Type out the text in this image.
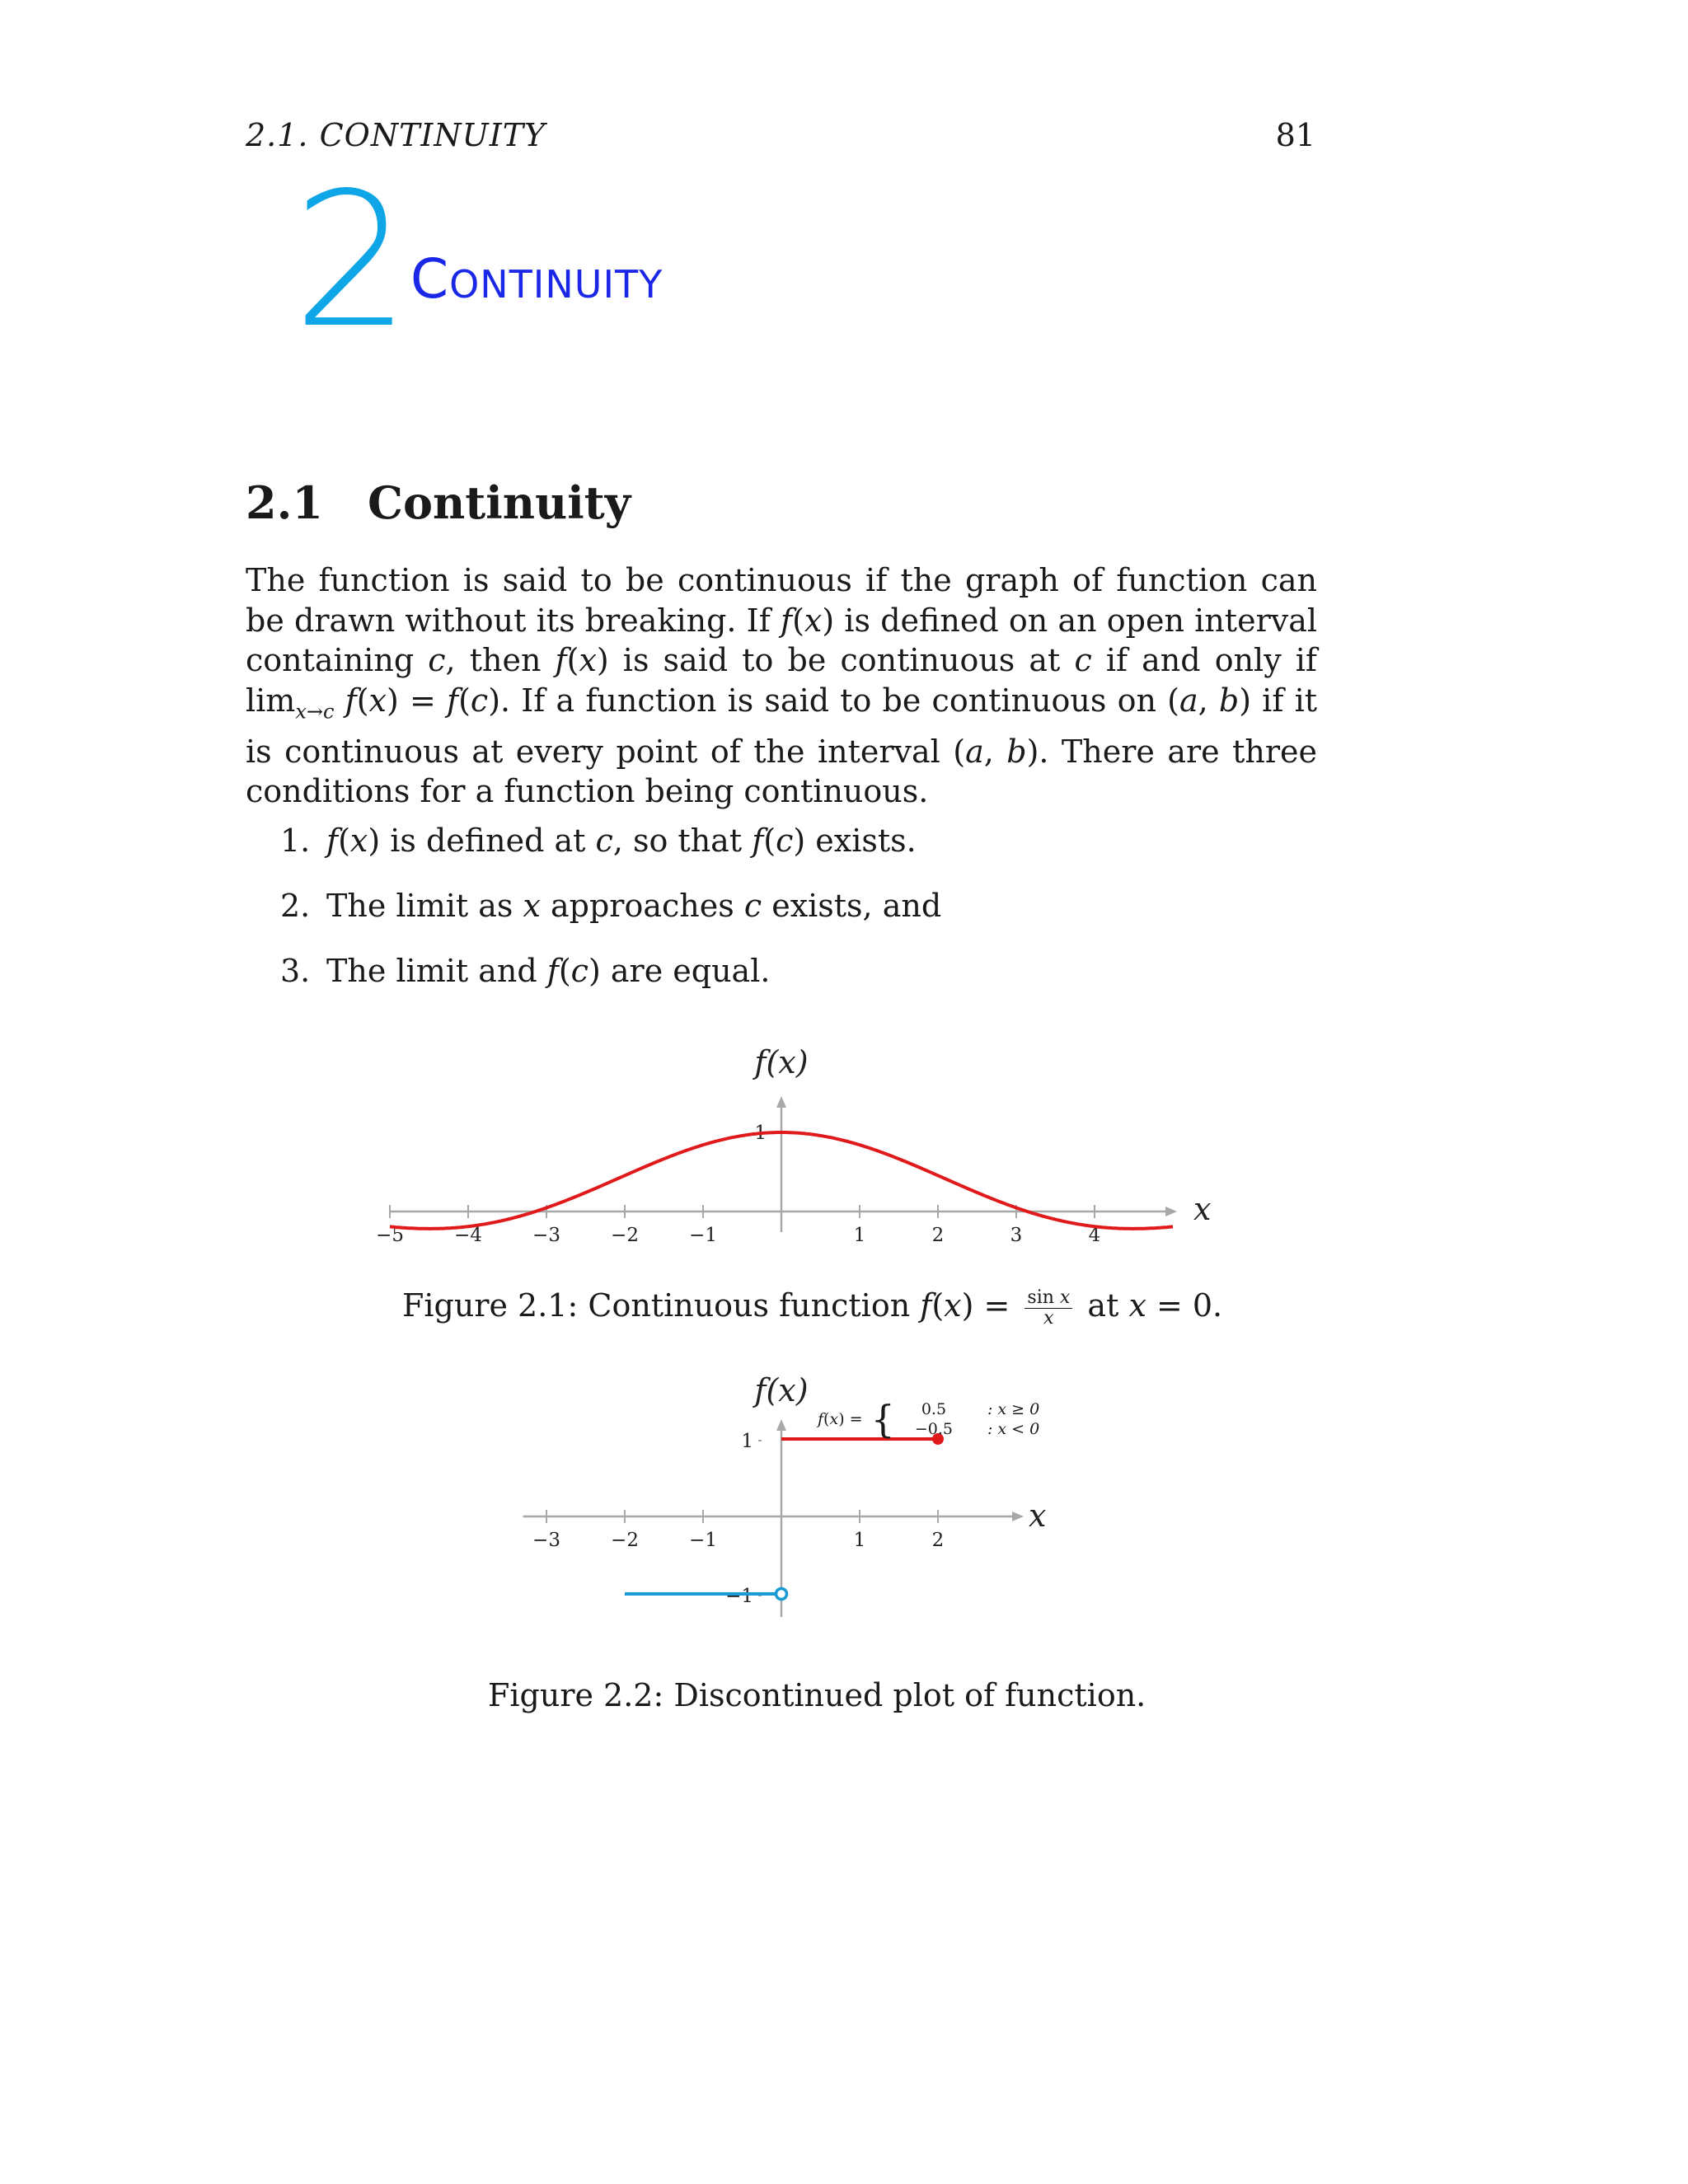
2.1. CONTINUITY	81
2 Continuity
2.1 Continuity
The function is said to be continuous if the graph of function can be drawn without its breaking. If f(x) is defined on an open interval containing c, then f(x) is said to be continuous at c if and only if $\lim_{x\to c} f(x) = f(c)$. If a function is said to be continuous on (a, b) if it is continuous at every point of the interval (a, b). There are three conditions for a function being continuous.
1. f(x) is defined at c, so that f(c) exists.
2. The limit as x approaches c exists, and
3. The limit and f(c) are equal.
−5	−4	−3	−2	−1	1	2	3	4
1
x
f(x)
−3	−2	−1	1	2
1
−1
x
f(x)
Figure 2.1: Continuous function $f(x) = \frac{\text{sin x}}{x}$ at x = 0.
Figure 2.2: Discontinued plot of function.
f(x) = {	0.5
−0.5

: x ≥ 0
: x < 0
